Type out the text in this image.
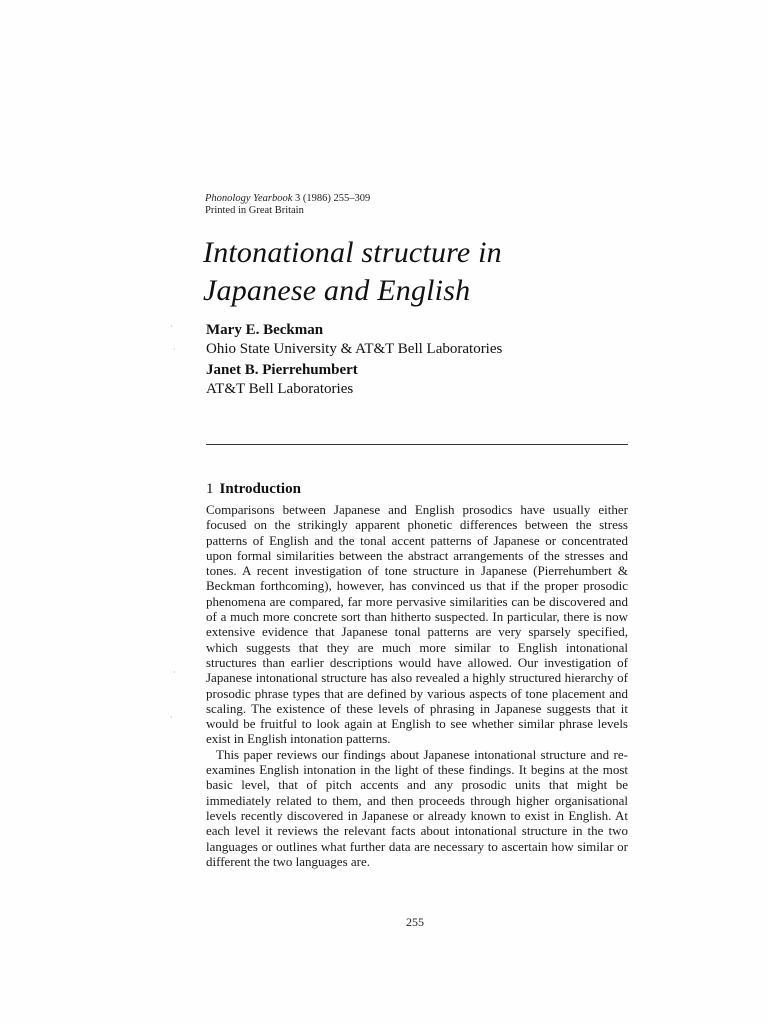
Phonology Yearbook 3 (1986) 255–309
Printed in Great Britain
Intonational structure in
Japanese and English
Mary E. Beckman
Ohio State University & AT&T Bell Laboratories
Janet B. Pierrehumbert
AT&T Bell Laboratories
1 Introduction

Comparisons between Japanese and English prosodics have usually either focused on the strikingly apparent phonetic differences between the stress patterns of English and the tonal accent patterns of Japanese or concentrated upon formal similarities between the abstract arrangements of the stresses and tones. A recent investigation of tone structure in Japanese (Pierrehumbert & Beckman forthcoming), however, has convinced us that if the proper prosodic phenomena are compared, far more pervasive similarities can be discovered and of a much more concrete sort than hitherto suspected. In particular, there is now extensive evidence that Japanese tonal patterns are very sparsely specified, which suggests that they are much more similar to English intonational structures than earlier descriptions would have allowed. Our investigation of Japanese intonational structure has also revealed a highly structured hierarchy of prosodic phrase types that are defined by various aspects of tone placement and scaling. The existence of these levels of phrasing in Japanese suggests that it would be fruitful to look again at English to see whether similar phrase levels exist in English intonation patterns.

This paper reviews our findings about Japanese intonational structure and re-examines English intonation in the light of these findings. It begins at the most basic level, that of pitch accents and any prosodic units that might be immediately related to them, and then proceeds through higher organisational levels recently discovered in Japanese or already known to exist in English. At each level it reviews the relevant facts about intonational structure in the two languages or outlines what further data are necessary to ascertain how similar or different the two languages are.

255
·
·
·
·
